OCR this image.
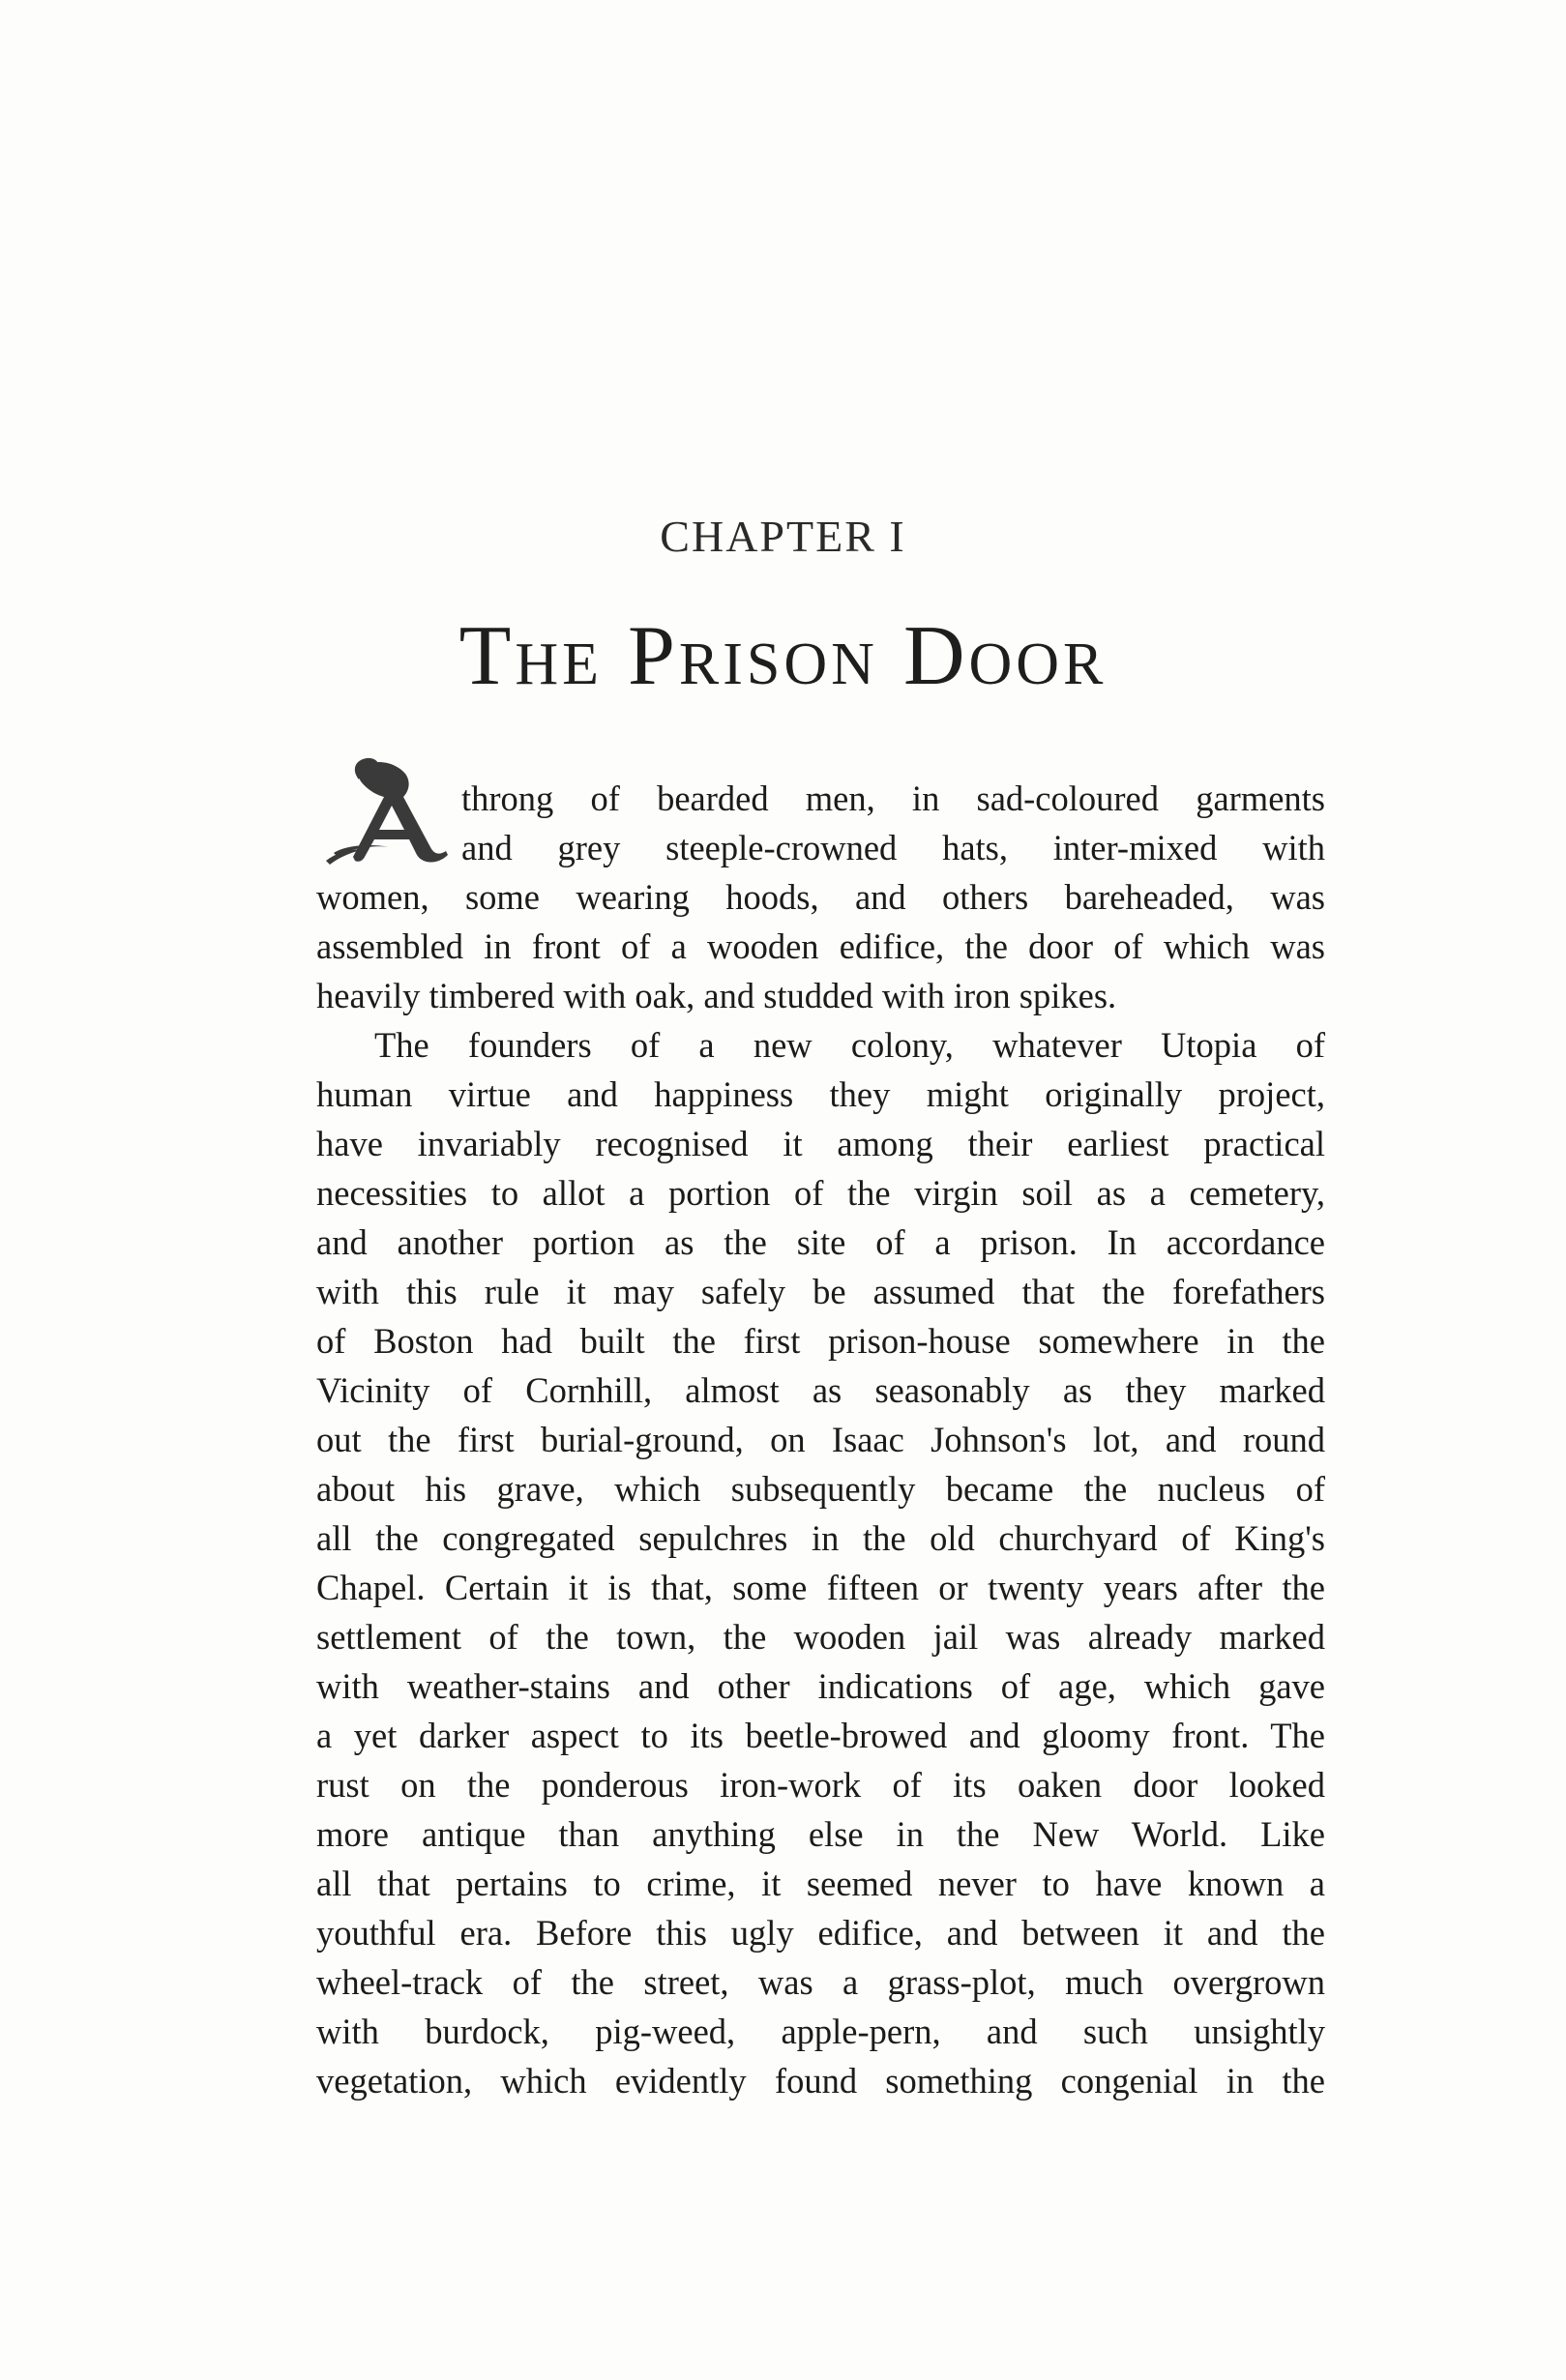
CHAPTER I
The Prison Door
throng of bearded men, in sad-coloured garments
and grey steeple-crowned hats, inter-mixed with
women, some wearing hoods, and others bareheaded, was
assembled in front of a wooden edifice, the door of which was
heavily timbered with oak, and studded with iron spikes.
The founders of a new colony, whatever Utopia of
human virtue and happiness they might originally project,
have invariably recognised it among their earliest practical
necessities to allot a portion of the virgin soil as a cemetery,
and another portion as the site of a prison. In accordance
with this rule it may safely be assumed that the forefathers
of Boston had built the first prison-house somewhere in the
Vicinity of Cornhill, almost as seasonably as they marked
out the first burial-ground, on Isaac Johnson's lot, and round
about his grave, which subsequently became the nucleus of
all the congregated sepulchres in the old churchyard of King's
Chapel. Certain it is that, some fifteen or twenty years after the
settlement of the town, the wooden jail was already marked
with weather-stains and other indications of age, which gave
a yet darker aspect to its beetle-browed and gloomy front. The
rust on the ponderous iron-work of its oaken door looked
more antique than anything else in the New World. Like
all that pertains to crime, it seemed never to have known a
youthful era. Before this ugly edifice, and between it and the
wheel-track of the street, was a grass-plot, much overgrown
with burdock, pig-weed, apple-pern, and such unsightly
vegetation, which evidently found something congenial in the
